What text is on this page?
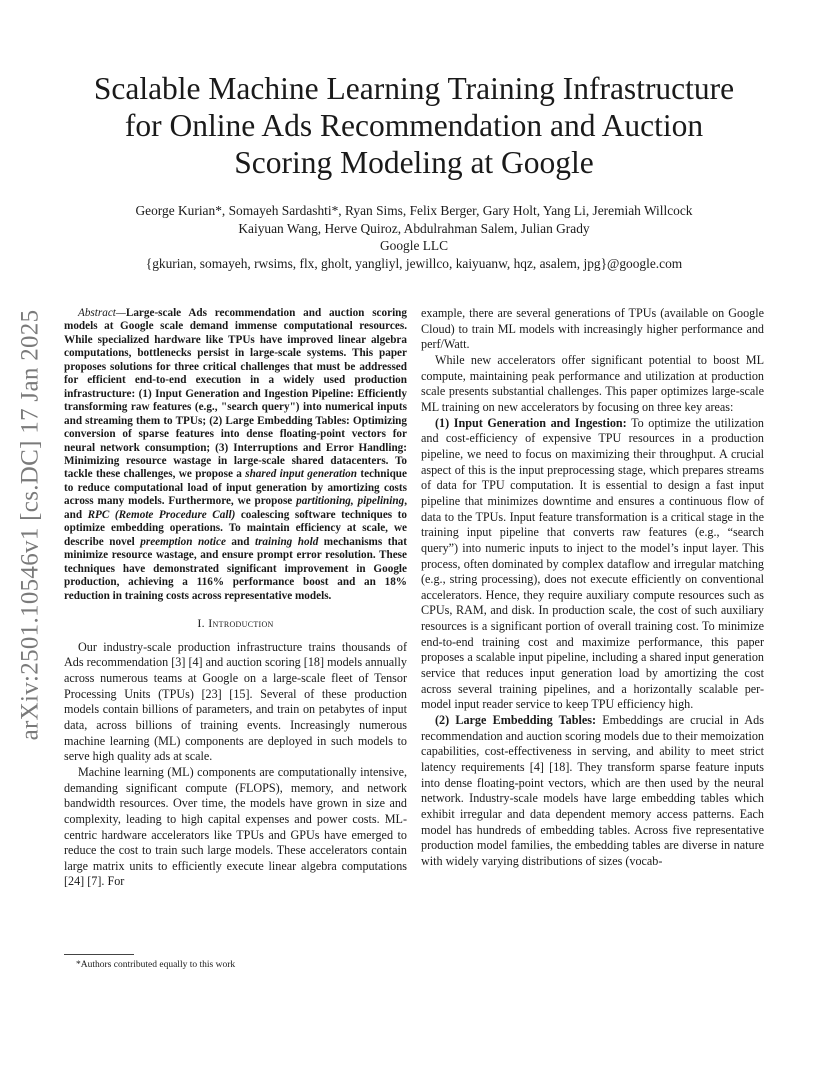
arXiv:2501.10546v1 [cs.DC] 17 Jan 2025
Scalable Machine Learning Training Infrastructure
for Online Ads Recommendation and Auction
Scoring Modeling at Google
George Kurian*, Somayeh Sardashti*, Ryan Sims, Felix Berger, Gary Holt, Yang Li, Jeremiah Willcock
Kaiyuan Wang, Herve Quiroz, Abdulrahman Salem, Julian Grady
Google LLC
{gkurian, somayeh, rwsims, flx, gholt, yangliyl, jewillco, kaiyuanw, hqz, asalem, jpg}@google.com

Abstract—Large-scale Ads recommendation and auction scoring models at Google scale demand immense computational resources. While specialized hardware like TPUs have improved linear algebra computations, bottlenecks persist in large-scale systems. This paper proposes solutions for three critical challenges that must be addressed for efficient end-to-end execution in a widely used production infrastructure: (1) Input Generation and Ingestion Pipeline: Efficiently transforming raw features (e.g., "search query") into numerical inputs and streaming them to TPUs; (2) Large Embedding Tables: Optimizing conversion of sparse features into dense floating-point vectors for neural network consumption; (3) Interruptions and Error Handling: Minimizing resource wastage in large-scale shared datacenters. To tackle these challenges, we propose a shared input generation technique to reduce computational load of input generation by amortizing costs across many models. Furthermore, we propose partitioning, pipelining, and RPC (Remote Procedure Call) coalescing software techniques to optimize embedding operations. To maintain efficiency at scale, we describe novel preemption notice and training hold mechanisms that minimize resource wastage, and ensure prompt error resolution. These techniques have demonstrated significant improvement in Google production, achieving a 116% performance boost and an 18% reduction in training costs across representative models.

I. Introduction

Our industry-scale production infrastructure trains thousands of Ads recommendation [3] [4] and auction scoring [18] models annually across numerous teams at Google on a large-scale fleet of Tensor Processing Units (TPUs) [23] [15]. Several of these production models contain billions of parameters, and train on petabytes of input data, across billions of training events. Increasingly numerous machine learning (ML) components are deployed in such models to serve high quality ads at scale.

Machine learning (ML) components are computationally intensive, demanding significant compute (FLOPS), memory, and network bandwidth resources. Over time, the models have grown in size and complexity, leading to high capital expenses and power costs. ML-centric hardware accelerators like TPUs and GPUs have emerged to reduce the cost to train such large models. These accelerators contain large matrix units to efficiently execute linear algebra computations [24] [7]. For

example, there are several generations of TPUs (available on Google Cloud) to train ML models with increasingly higher performance and perf/Watt.

While new accelerators offer significant potential to boost ML compute, maintaining peak performance and utilization at production scale presents substantial challenges. This paper optimizes large-scale ML training on new accelerators by focusing on three key areas:

(1) Input Generation and Ingestion: To optimize the utilization and cost-efficiency of expensive TPU resources in a production pipeline, we need to focus on maximizing their throughput. A crucial aspect of this is the input preprocessing stage, which prepares streams of data for TPU computation. It is essential to design a fast input pipeline that minimizes downtime and ensures a continuous flow of data to the TPUs. Input feature transformation is a critical stage in the training input pipeline that converts raw features (e.g., “search query”) into numeric inputs to inject to the model’s input layer. This process, often dominated by complex dataflow and irregular matching (e.g., string processing), does not execute efficiently on conventional accelerators. Hence, they require auxiliary compute resources such as CPUs, RAM, and disk. In production scale, the cost of such auxiliary resources is a significant portion of overall training cost. To minimize end-to-end training cost and maximize performance, this paper proposes a scalable input pipeline, including a shared input generation service that reduces input generation load by amortizing the cost across several training pipelines, and a horizontally scalable per-model input reader service to keep TPU efficiency high.

(2) Large Embedding Tables: Embeddings are crucial in Ads recommendation and auction scoring models due to their memoization capabilities, cost-effectiveness in serving, and ability to meet strict latency requirements [4] [18]. They transform sparse feature inputs into dense floating-point vectors, which are then used by the neural network. Industry-scale models have large embedding tables which exhibit irregular and data dependent memory access patterns. Each model has hundreds of embedding tables. Across five representative production model families, the embedding tables are diverse in nature with widely varying distributions of sizes (vocab-

*Authors contributed equally to this work
